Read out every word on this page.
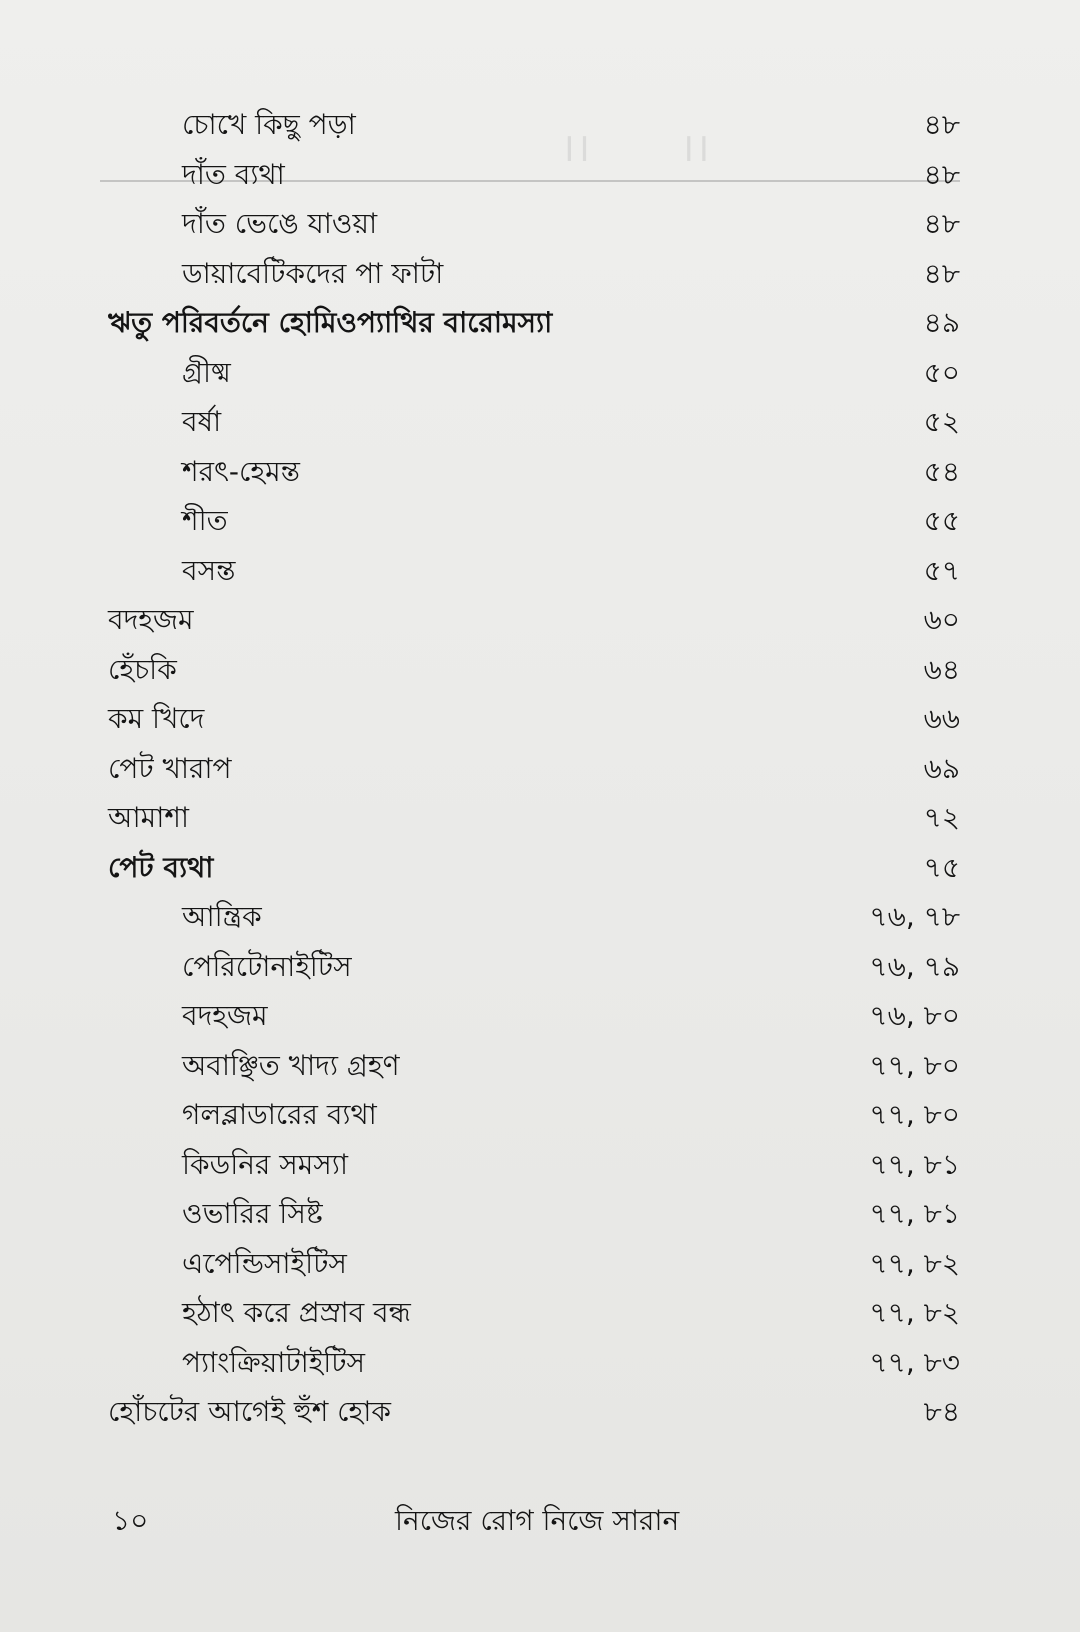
।।       ।।
চোখে কিছু পড়া	৪৮
দাঁত ব্যথা	৪৮
দাঁত ভেঙে যাওয়া	৪৮
ডায়াবেটিকদের পা ফাটা	৪৮
ঋতু পরিবর্তনে হোমিওপ্যাথির বারোমস্যা	৪৯
গ্রীষ্ম	৫০
বর্ষা	৫২
শরৎ-হেমন্ত	৫৪
শীত	৫৫
বসন্ত	৫৭
বদহজম	৬০
হেঁচকি	৬৪
কম খিদে	৬৬
পেট খারাপ	৬৯
আমাশা	৭২
পেট ব্যথা	৭৫
আন্ত্রিক	৭৬, ৭৮
পেরিটোনাইটিস	৭৬, ৭৯
বদহজম	৭৬, ৮০
অবাঞ্ছিত খাদ্য গ্রহণ	৭৭, ৮০
গলব্লাডারের ব্যথা	৭৭, ৮০
কিডনির সমস্যা	৭৭, ৮১
ওভারির সিষ্ট	৭৭, ৮১
এপেন্ডিসাইটিস	৭৭, ৮২
হঠাৎ করে প্রস্রাব বন্ধ	৭৭, ৮২
প্যাংক্রিয়াটাইটিস	৭৭, ৮৩
হোঁচটের আগেই হুঁশ হোক	৮৪
১০	নিজের রোগ নিজে সারান
